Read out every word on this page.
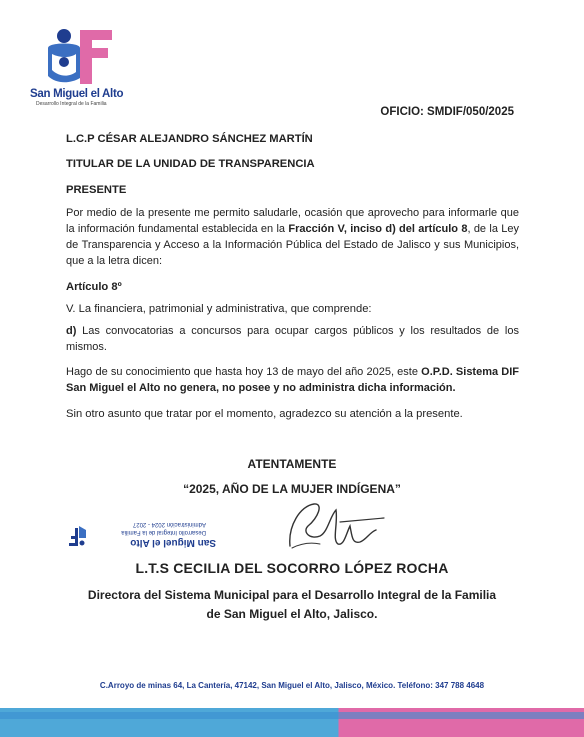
San Miguel el Alto
Desarrollo Integral de la Familia
OFICIO: SMDIF/050/2025
L.C.P CÉSAR ALEJANDRO SÁNCHEZ MARTÍN
TITULAR DE LA UNIDAD DE TRANSPARENCIA
PRESENTE
Por medio de la presente me permito saludarle, ocasión que aprovecho para informarle que la información fundamental establecida en la Fracción V, inciso d) del artículo 8, de la Ley de Transparencia y Acceso a la Información Pública del Estado de Jalisco y sus Municipios, que a la letra dicen:
Artículo 8º
V. La financiera, patrimonial y administrativa, que comprende:
d) Las convocatorias a concursos para ocupar cargos públicos y los resultados de los mismos.
Hago de su conocimiento que hasta hoy 13 de mayo del año 2025, este O.P.D. Sistema DIF San Miguel el Alto no genera, no posee y no administra dicha información.
Sin otro asunto que tratar por el momento, agradezco su atención a la presente.
ATENTAMENTE
“2025, AÑO DE LA MUJER INDÍGENA”
San Miguel el Alto
Desarrollo Integral de la Familia
Administración 2024 - 2027
L.T.S CECILIA DEL SOCORRO LÓPEZ ROCHA
Directora del Sistema Municipal para el Desarrollo Integral de la Familia
de San Miguel el Alto, Jalisco.
C.Arroyo de minas 64, La Cantería, 47142, San Miguel el Alto, Jalisco, México. Teléfono: 347 788 4648
